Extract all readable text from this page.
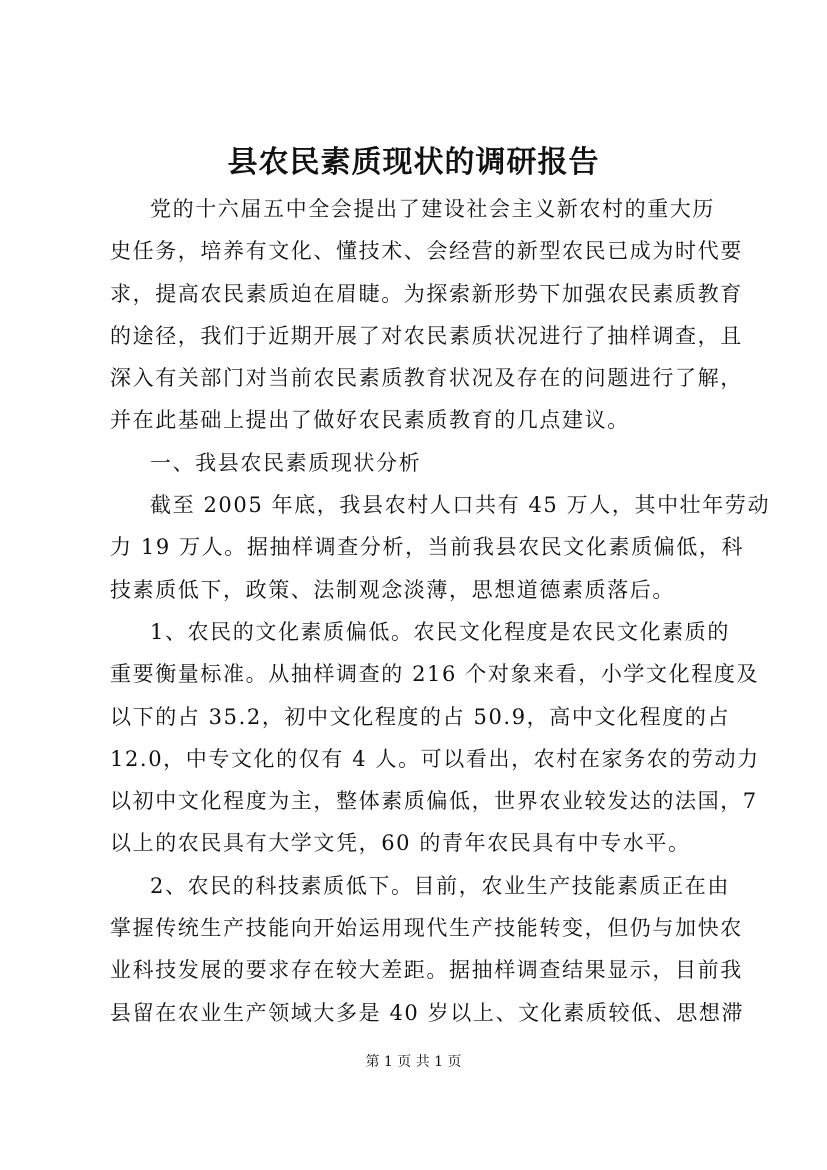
县农民素质现状的调研报告
党的十六届五中全会提出了建设社会主义新农村的重大历
史任务，培养有文化、懂技术、会经营的新型农民已成为时代要
求，提高农民素质迫在眉睫。为探索新形势下加强农民素质教育
的途径，我们于近期开展了对农民素质状况进行了抽样调查，且
深入有关部门对当前农民素质教育状况及存在的问题进行了解，
并在此基础上提出了做好农民素质教育的几点建议。
一、我县农民素质现状分析
截至 2005 年底，我县农村人口共有 45 万人，其中壮年劳动
力 19 万人。据抽样调查分析，当前我县农民文化素质偏低，科
技素质低下，政策、法制观念淡薄，思想道德素质落后。
1、农民的文化素质偏低。农民文化程度是农民文化素质的
重要衡量标准。从抽样调查的 216 个对象来看，小学文化程度及
以下的占 35.2，初中文化程度的占 50.9，高中文化程度的占
12.0，中专文化的仅有 4 人。可以看出，农村在家务农的劳动力
以初中文化程度为主，整体素质偏低，世界农业较发达的法国，7
以上的农民具有大学文凭，60 的青年农民具有中专水平。
2、农民的科技素质低下。目前，农业生产技能素质正在由
掌握传统生产技能向开始运用现代生产技能转变，但仍与加快农
业科技发展的要求存在较大差距。据抽样调查结果显示，目前我
县留在农业生产领域大多是 40 岁以上、文化素质较低、思想滞
第 1 页 共 1 页
